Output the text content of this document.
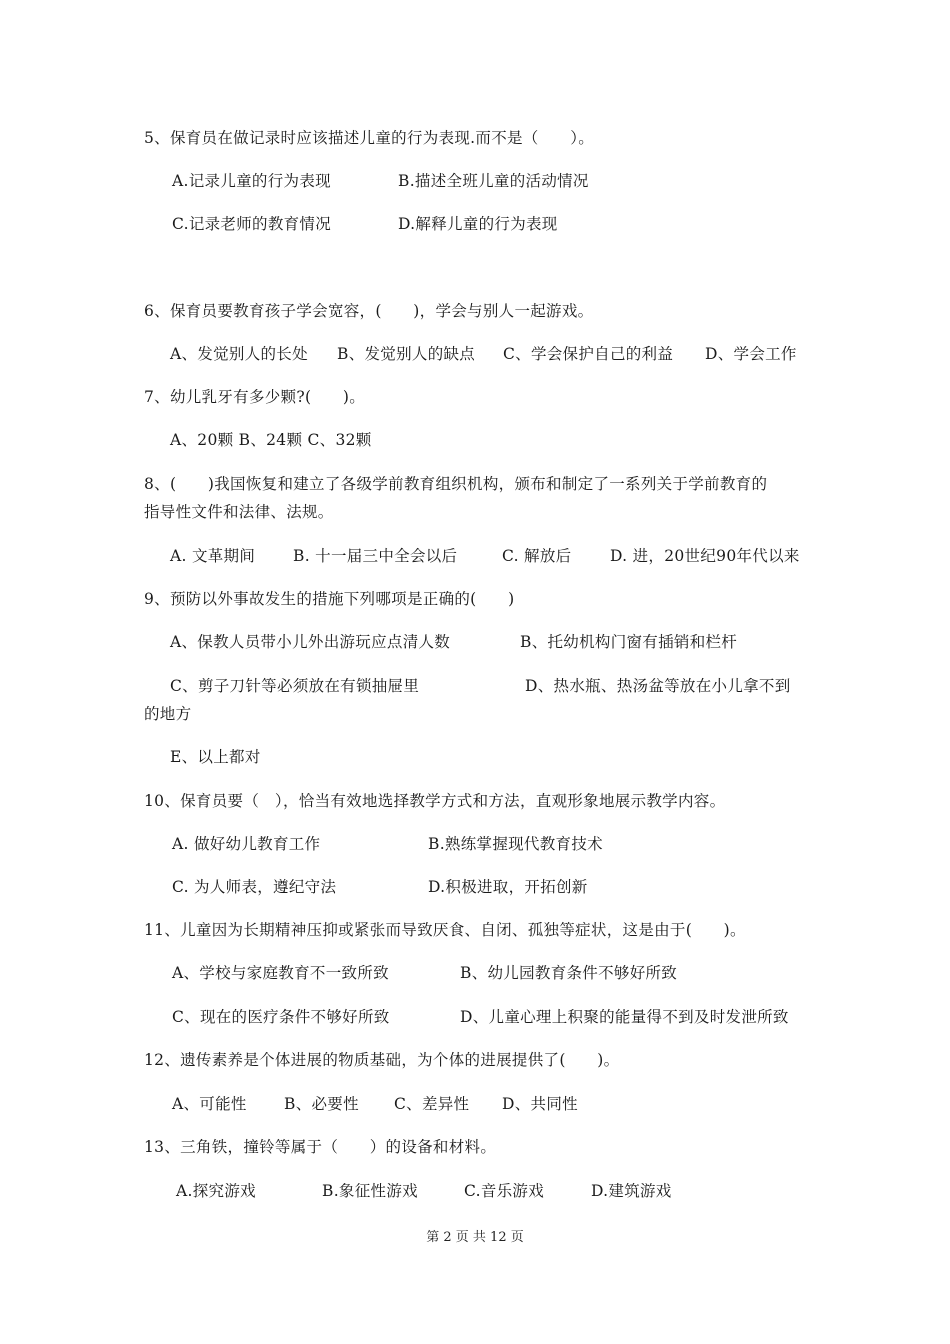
5、保育员在做记录时应该描述儿童的行为表现.而不是（　　）。
A.记录儿童的行为表现	B.描述全班儿童的活动情况
C.记录老师的教育情况	D.解释儿童的行为表现
6、保育员要教育孩子学会宽容，(　　)，学会与别人一起游戏。
A、发觉别人的长处 B、发觉别人的缺点 C、学会保护自己的利益 D、学会工作
7、幼儿乳牙有多少颗?(　　)。
A、20颗 B、24颗 C、32颗
8、(　　)我国恢复和建立了各级学前教育组织机构，颁布和制定了一系列关于学前教育的
指导性文件和法律、法规。
A. 文革期间 B. 十一届三中全会以后	C. 解放后 D. 进，20世纪90年代以来
9、预防以外事故发生的措施下列哪项是正确的(　　)
A、保教人员带小儿外出游玩应点清人数	B、托幼机构门窗有插销和栏杆
C、剪子刀针等必须放在有锁抽屉里	D、热水瓶、热汤盆等放在小儿拿不到
的地方
E、以上都对
10、保育员要（　），恰当有效地选择教学方式和方法，直观形象地展示教学内容。
A. 做好幼儿教育工作	B.熟练掌握现代教育技术
C. 为人师表，遵纪守法	D.积极进取，开拓创新
11、儿童因为长期精神压抑或紧张而导致厌食、自闭、孤独等症状，这是由于(　　)。
A、学校与家庭教育不一致所致	B、幼儿园教育条件不够好所致
C、现在的医疗条件不够好所致	D、儿童心理上积聚的能量得不到及时发泄所致
12、遗传素养是个体进展的物质基础，为个体的进展提供了(　　)。
A、可能性 B、必要性 C、差异性 D、共同性
13、三角铁，撞铃等属于（　　）的设备和材料。
A.探究游戏	B.象征性游戏	C.音乐游戏	D.建筑游戏
第 2 页 共 12 页
